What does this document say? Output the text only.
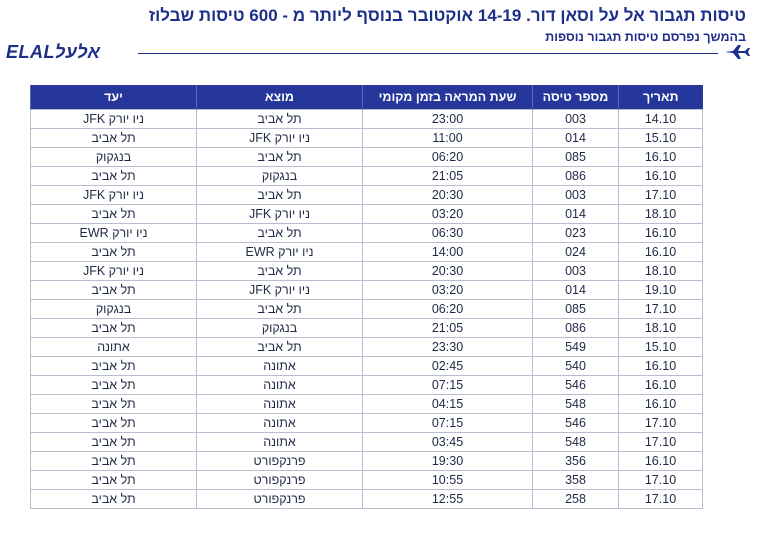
טיסות תגבור אל על וסאן דור. 14-19 אוקטובר בנוסף ליותר מ - 600 טיסות שבלוז
בהמשך נפרסם טיסות תגבור נוספות
ELALאלעל
תאריך	מספר טיסה	שעת המראה בזמן מקומי	מוצא	יעד
14.10	003	23:00	תל אביב	ניו יורק JFK
15.10	014	11:00	ניו יורק JFK	תל אביב
16.10	085	06:20	תל אביב	בנגקוק
16.10	086	21:05	בנגקוק	תל אביב
17.10	003	20:30	תל אביב	ניו יורק JFK
18.10	014	03:20	ניו יורק JFK	תל אביב
16.10	023	06:30	תל אביב	ניו יורק EWR
16.10	024	14:00	ניו יורק EWR	תל אביב
18.10	003	20:30	תל אביב	ניו יורק JFK
19.10	014	03:20	ניו יורק JFK	תל אביב
17.10	085	06:20	תל אביב	בנגקוק
18.10	086	21:05	בנגקוק	תל אביב
15.10	549	23:30	תל אביב	אתונה
16.10	540	02:45	אתונה	תל אביב
16.10	546	07:15	אתונה	תל אביב
16.10	548	04:15	אתונה	תל אביב
17.10	546	07:15	אתונה	תל אביב
17.10	548	03:45	אתונה	תל אביב
16.10	356	19:30	פרנקפורט	תל אביב
17.10	358	10:55	פרנקפורט	תל אביב
17.10	258	12:55	פרנקפורט	תל אביב
